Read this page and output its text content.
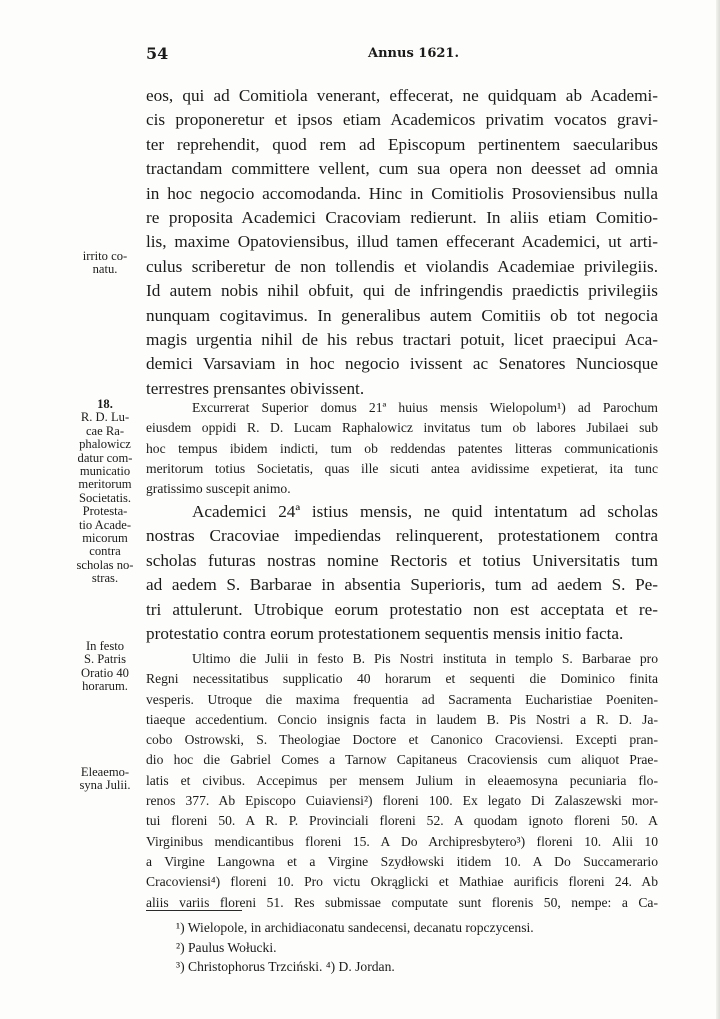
54	Annus 1621.
eos, qui ad Comitiola venerant, effecerat, ne quidquam ab Academi-
cis proponeretur et ipsos etiam Academicos privatim vocatos gravi-
ter reprehendit, quod rem ad Episcopum pertinentem saecularibus
tractandam committere vellent, cum sua opera non deesset ad omnia
in hoc negocio accomodanda. Hinc in Comitiolis Prosoviensibus nulla
re proposita Academici Cracoviam redierunt. In aliis etiam Comitio-
lis, maxime Opatoviensibus, illud tamen effecerant Academici, ut arti-
culus scriberetur de non tollendis et violandis Academiae privilegiis.
Id autem nobis nihil obfuit, qui de infringendis praedictis privilegiis
nunquam cogitavimus. In generalibus autem Comitiis ob tot negocia
magis urgentia nihil de his rebus tractari potuit, licet praecipui Aca-
demici Varsaviam in hoc negocio ivissent ac Senatores Nunciosque
terrestres prensantes obivissent.
Excurrerat Superior domus 21ª huius mensis Wielopolum¹) ad Parochum
eiusdem oppidi R. D. Lucam Raphalowicz invitatus tum ob labores Jubilaei sub
hoc tempus ibidem indicti, tum ob reddendas patentes litteras communicationis
meritorum totius Societatis, quas ille sicuti antea avidissime expetierat, ita tunc
gratissimo suscepit animo.
Academici 24ª istius mensis, ne quid intentatum ad scholas
nostras Cracoviae impediendas relinquerent, protestationem contra
scholas futuras nostras nomine Rectoris et totius Universitatis tum
ad aedem S. Barbarae in absentia Superioris, tum ad aedem S. Pe-
tri attulerunt. Utrobique eorum protestatio non est acceptata et re-
protestatio contra eorum protestationem sequentis mensis initio facta.
Ultimo die Julii in festo B. Pis Nostri instituta in templo S. Barbarae pro
Regni necessitatibus supplicatio 40 horarum et sequenti die Dominico finita
vesperis. Utroque die maxima frequentia ad Sacramenta Eucharistiae Poeniten-
tiaeque accedentium. Concio insignis facta in laudem B. Pis Nostri a R. D. Ja-
cobo Ostrowski, S. Theologiae Doctore et Canonico Cracoviensi. Excepti pran-
dio hoc die Gabriel Comes a Tarnow Capitaneus Cracoviensis cum aliquot Prae-
latis et civibus. Accepimus per mensem Julium in eleaemosyna pecuniaria flo-
renos 377. Ab Episcopo Cuiaviensi²) floreni 100. Ex legato Di Zalaszewski mor-
tui floreni 50. A R. P. Provinciali floreni 52. A quodam ignoto floreni 50. A
Virginibus mendicantibus floreni 15. A Do Archipresbytero³) floreni 10. Alii 10
a Virgine Langowna et a Virgine Szydłowski itidem 10. A Do Succamerario
Cracoviensi⁴) floreni 10. Pro victu Okrąglicki et Mathiae aurificis floreni 24. Ab
aliis variis floreni 51. Res submissae computate sunt florenis 50, nempe: a Ca-
irrito co-
natu.
18.
R. D. Lu-
cae Ra-
phalowicz
datur com-
municatio
meritorum
Societatis.
Protesta-
tio Acade-
micorum
contra
scholas no-
stras.
In festo
S. Patris
Oratio 40
horarum.
Eleaemo-
syna Julii.
¹) Wielopole, in archidiaconatu sandecensi, decanatu ropczycensi.
²) Paulus Wołucki.
³) Christophorus Trzciński. ⁴) D. Jordan.
